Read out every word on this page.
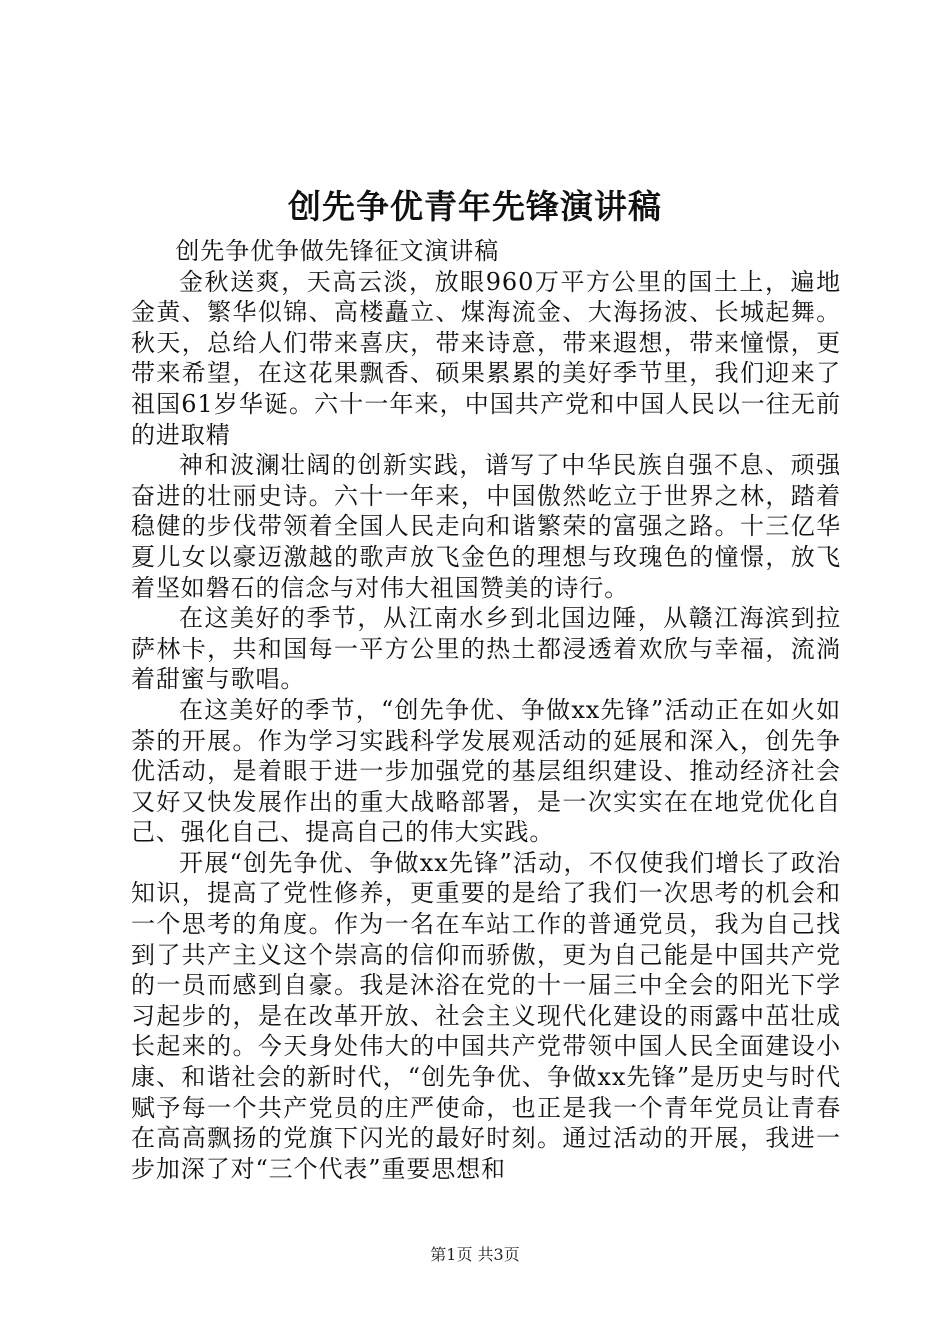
创先争优青年先锋演讲稿

创先争优争做先锋征文演讲稿

金秋送爽，天高云淡，放眼960万平方公里的国土上，遍地金黄、繁华似锦、高楼矗立、煤海流金、大海扬波、长城起舞。秋天，总给人们带来喜庆，带来诗意，带来遐想，带来憧憬，更带来希望，在这花果飘香、硕果累累的美好季节里，我们迎来了祖国61岁华诞。六十一年来，中国共产党和中国人民以一往无前的进取精

神和波澜壮阔的创新实践，谱写了中华民族自强不息、顽强奋进的壮丽史诗。六十一年来，中国傲然屹立于世界之林，踏着稳健的步伐带领着全国人民走向和谐繁荣的富强之路。十三亿华夏儿女以豪迈激越的歌声放飞金色的理想与玫瑰色的憧憬，放飞着坚如磐石的信念与对伟大祖国赞美的诗行。

在这美好的季节，从江南水乡到北国边陲，从赣江海滨到拉萨林卡，共和国每一平方公里的热土都浸透着欢欣与幸福，流淌着甜蜜与歌唱。

在这美好的季节，“创先争优、争做xx先锋”活动正在如火如荼的开展。作为学习实践科学发展观活动的延展和深入，创先争优活动，是着眼于进一步加强党的基层组织建设、推动经济社会又好又快发展作出的重大战略部署，是一次实实在在地党优化自己、强化自己、提高自己的伟大实践。

开展“创先争优、争做xx先锋”活动，不仅使我们增长了政治知识，提高了党性修养，更重要的是给了我们一次思考的机会和一个思考的角度。作为一名在车站工作的普通党员，我为自己找到了共产主义这个崇高的信仰而骄傲，更为自己能是中国共产党的一员而感到自豪。我是沐浴在党的十一届三中全会的阳光下学习起步的，是在改革开放、社会主义现代化建设的雨露中茁壮成长起来的。今天身处伟大的中国共产党带领中国人民全面建设小康、和谐社会的新时代，“创先争优、争做xx先锋”是历史与时代赋予每一个共产党员的庄严使命，也正是我一个青年党员让青春在高高飘扬的党旗下闪光的最好时刻。通过活动的开展，我进一步加深了对“三个代表”重要思想和

第1页 共3页
